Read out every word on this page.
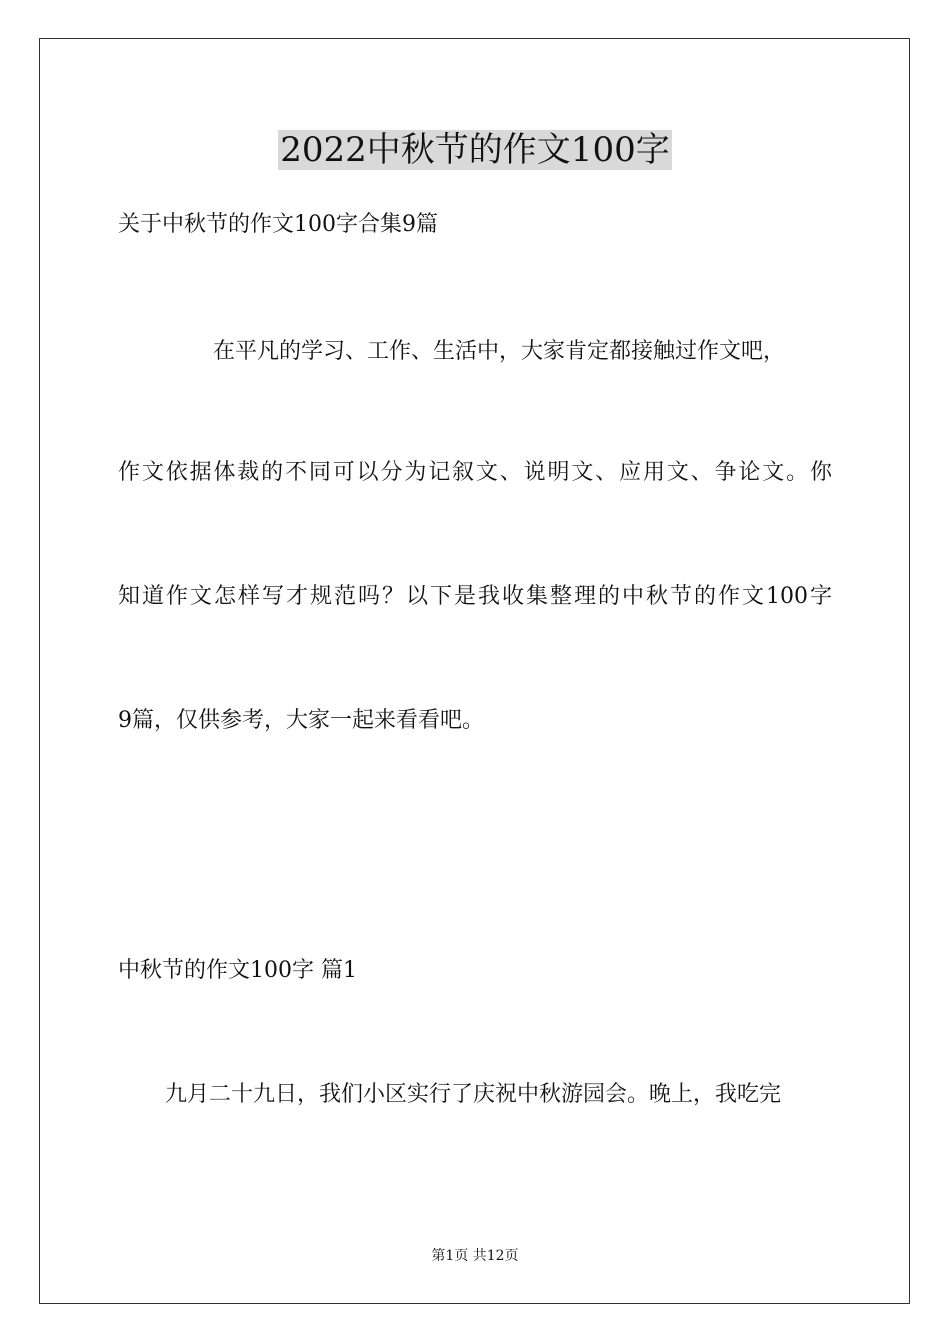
2022中秋节的作文100字

关于中秋节的作文100字合集9篇

在平凡的学习、工作、生活中，大家肯定都接触过作文吧，

作文依据体裁的不同可以分为记叙文、说明文、应用文、争论文。你

知道作文怎样写才规范吗？以下是我收集整理的中秋节的作文100字

9篇，仅供参考，大家一起来看看吧。

中秋节的作文100字 篇1

九月二十九日，我们小区实行了庆祝中秋游园会。晚上，我吃完

第1页 共12页
